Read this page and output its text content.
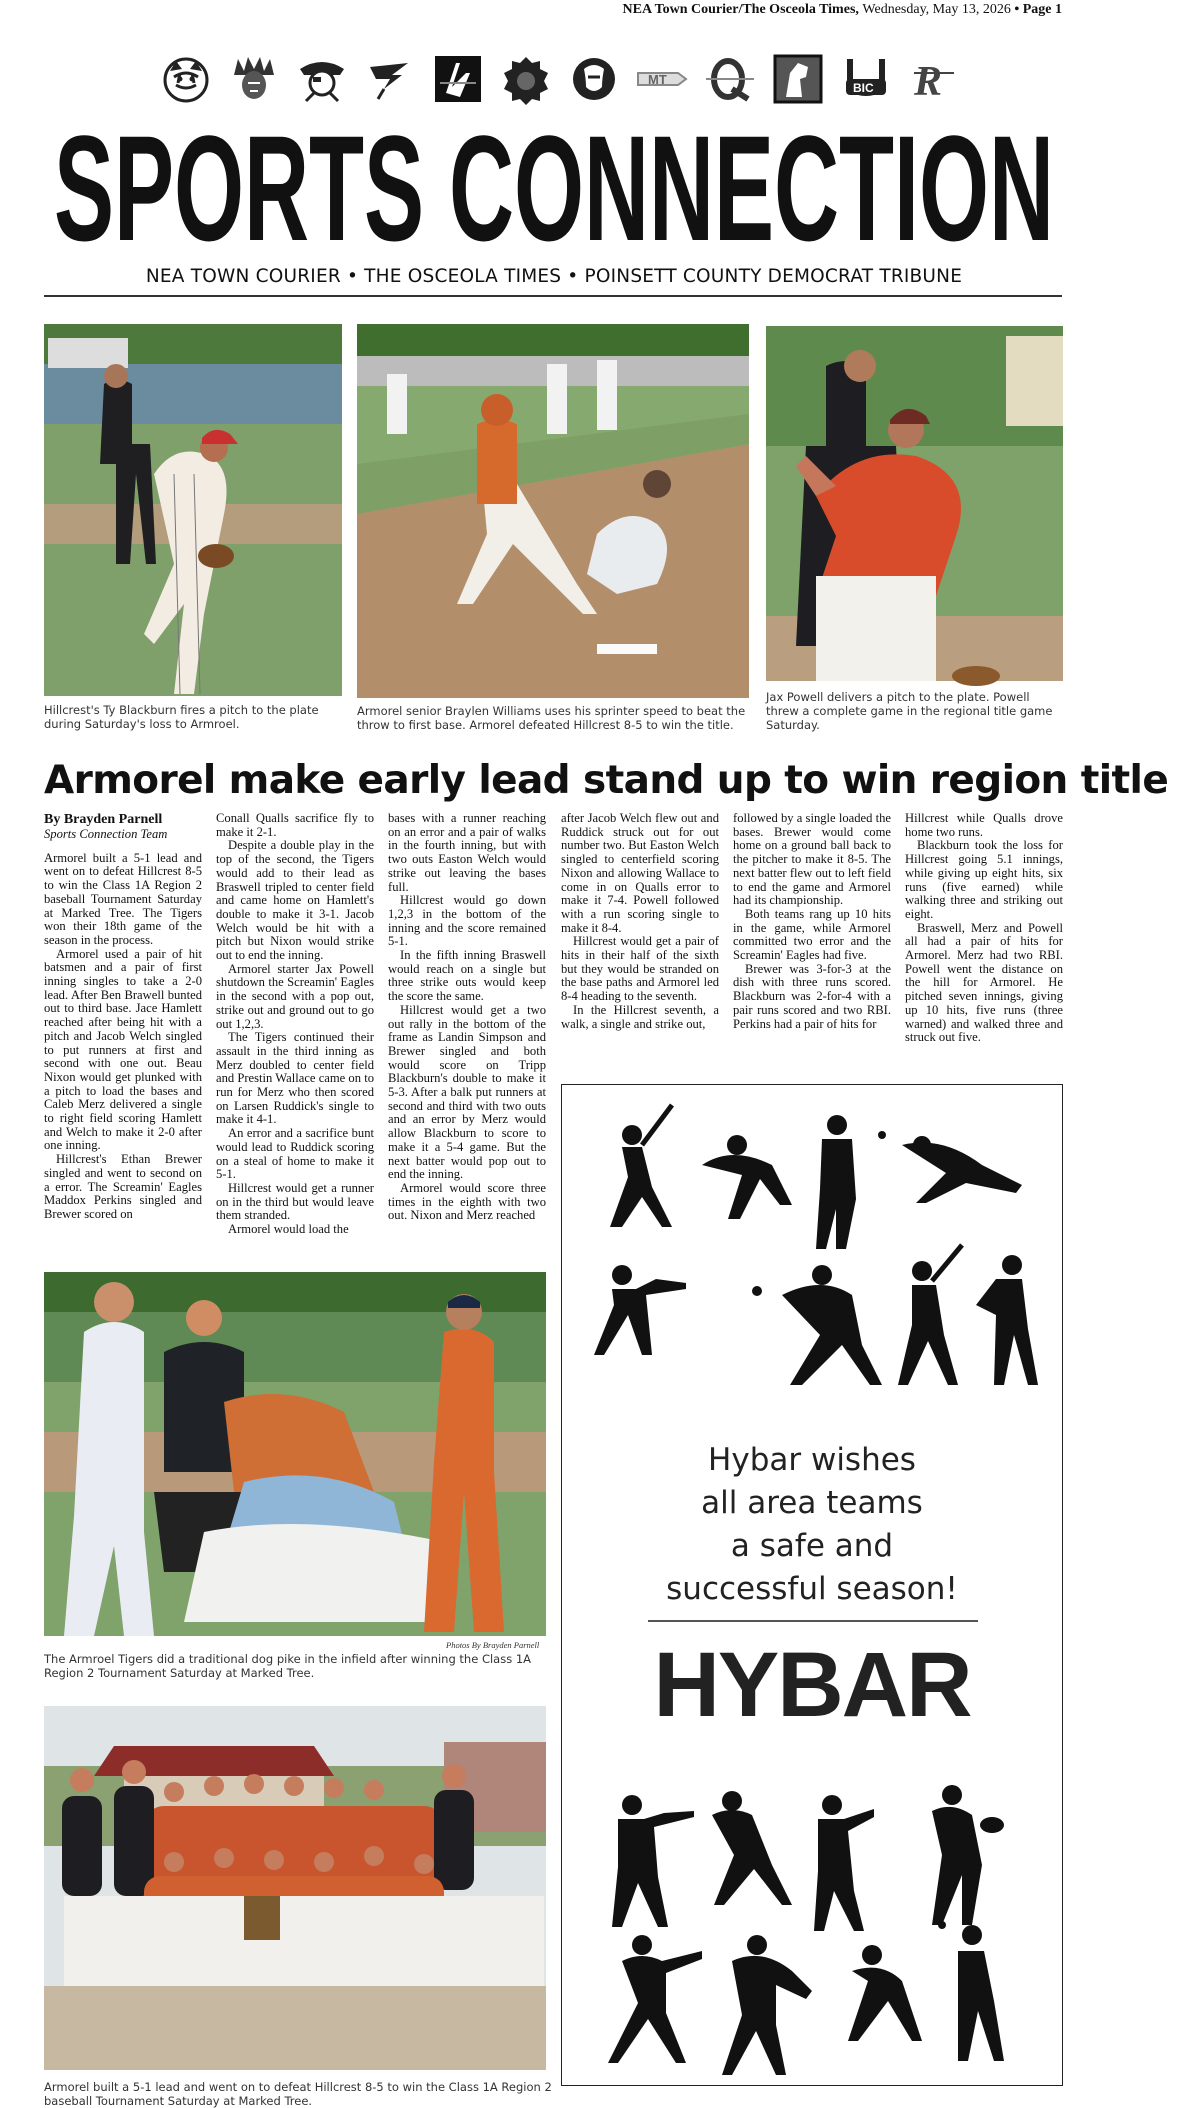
NEA Town Courier/The Osceola Times, Wednesday, May 13, 2026 • Page 1
MT
BIC R
SPORTS CONNECTION
NEA TOWN COURIER • THE OSCEOLA TIMES • POINSETT COUNTY DEMOCRAT TRIBUNE
Hillcrest's Ty Blackburn fires a pitch to the plate during Saturday's loss to Armroel.
Armorel senior Braylen Williams uses his sprinter speed to beat the throw to first base. Armorel defeated Hillcrest 8-5 to win the title.
Jax Powell delivers a pitch to the plate. Powell threw a complete game in the regional title game Saturday.
Armorel make early lead stand up to win region title
By Brayden Parnell
Sports Connection Team

Armorel built a 5-1 lead and went on to defeat Hillcrest 8-5 to win the Class 1A Region 2 baseball Tournament Saturday at Marked Tree. The Tigers won their 18th game of the season in the process.

Armorel used a pair of hit batsmen and a pair of first inning singles to take a 2-0 lead. After Ben Brawell bunted out to third base. Jace Hamlett reached after being hit with a pitch and Jacob Welch singled to put runners at first and second with one out. Beau Nixon would get plunked with a pitch to load the bases and Caleb Merz delivered a single to right field scoring Hamlett and Welch to make it 2-0 after one inning.

Hillcrest's Ethan Brewer singled and went to second on a error. The Screamin' Eagles Maddox Perkins singled and Brewer scored on

Conall Qualls sacrifice fly to make it 2-1.

Despite a double play in the top of the second, the Tigers would add to their lead as Braswell tripled to center field and came home on Hamlett's double to make it 3-1. Jacob Welch would be hit with a pitch but Nixon would strike out to end the inning.

Armorel starter Jax Powell shutdown the Screamin' Eagles in the second with a pop out, strike out and ground out to go out 1,2,3.

The Tigers continued their assault in the third inning as Merz doubled to center field and Prestin Wallace came on to run for Merz who then scored on Larsen Ruddick's single to make it 4-1.

An error and a sacrifice bunt would lead to Ruddick scoring on a steal of home to make it 5-1.

Hillcrest would get a runner on in the third but would leave them stranded.

Armorel would load the

bases with a runner reaching on an error and a pair of walks in the fourth inning, but with two outs Easton Welch would strike out leaving the bases full.

Hillcrest would go down 1,2,3 in the bottom of the inning and the score remained 5-1.

In the fifth inning Braswell would reach on a single but three strike outs would keep the score the same.

Hillcrest would get a two out rally in the bottom of the frame as Landin Simpson and Brewer singled and both would score on Tripp Blackburn's double to make it 5-3. After a balk put runners at second and third with two outs and an error by Merz would allow Blackburn to score to make it a 5-4 game. But the next batter would pop out to end the inning.

Armorel would score three times in the eighth with two out. Nixon and Merz reached

after Jacob Welch flew out and Ruddick struck out for out number two. But Easton Welch singled to centerfield scoring Nixon and allowing Wallace to come in on Qualls error to make it 7-4. Powell followed with a run scoring single to make it 8-4.

Hillcrest would get a pair of hits in their half of the sixth but they would be stranded on the base paths and Armorel led 8-4 heading to the seventh.

In the Hillcrest seventh, a walk, a single and strike out,

followed by a single loaded the bases. Brewer would come home on a ground ball back to the pitcher to make it 8-5. The next batter flew out to left field to end the game and Armorel had its championship.

Both teams rang up 10 hits in the game, while Armorel committed two error and the Screamin' Eagles had five.

Brewer was 3-for-3 at the dish with three runs scored. Blackburn was 2-for-4 with a pair runs scored and two RBI. Perkins had a pair of hits for

Hillcrest while Qualls drove home two runs.

Blackburn took the loss for Hillcrest going 5.1 innings, while giving up eight hits, six runs (five earned) while walking three and striking out eight.

Braswell, Merz and Powell all had a pair of hits for Armorel. Merz had two RBI. Powell went the distance on the hill for Armorel. He pitched seven innings, giving up 10 hits, five runs (three warned) and walked three and struck out five.

Photos By Brayden Parnell
The Armroel Tigers did a traditional dog pike in the infield after winning the Class 1A Region 2 Tournament Saturday at Marked Tree.
Armorel built a 5-1 lead and went on to defeat Hillcrest 8-5 to win the Class 1A Region 2 baseball Tournament Saturday at Marked Tree.
Hybar wishes
all area teams
a safe and
successful season!
HYBAR
